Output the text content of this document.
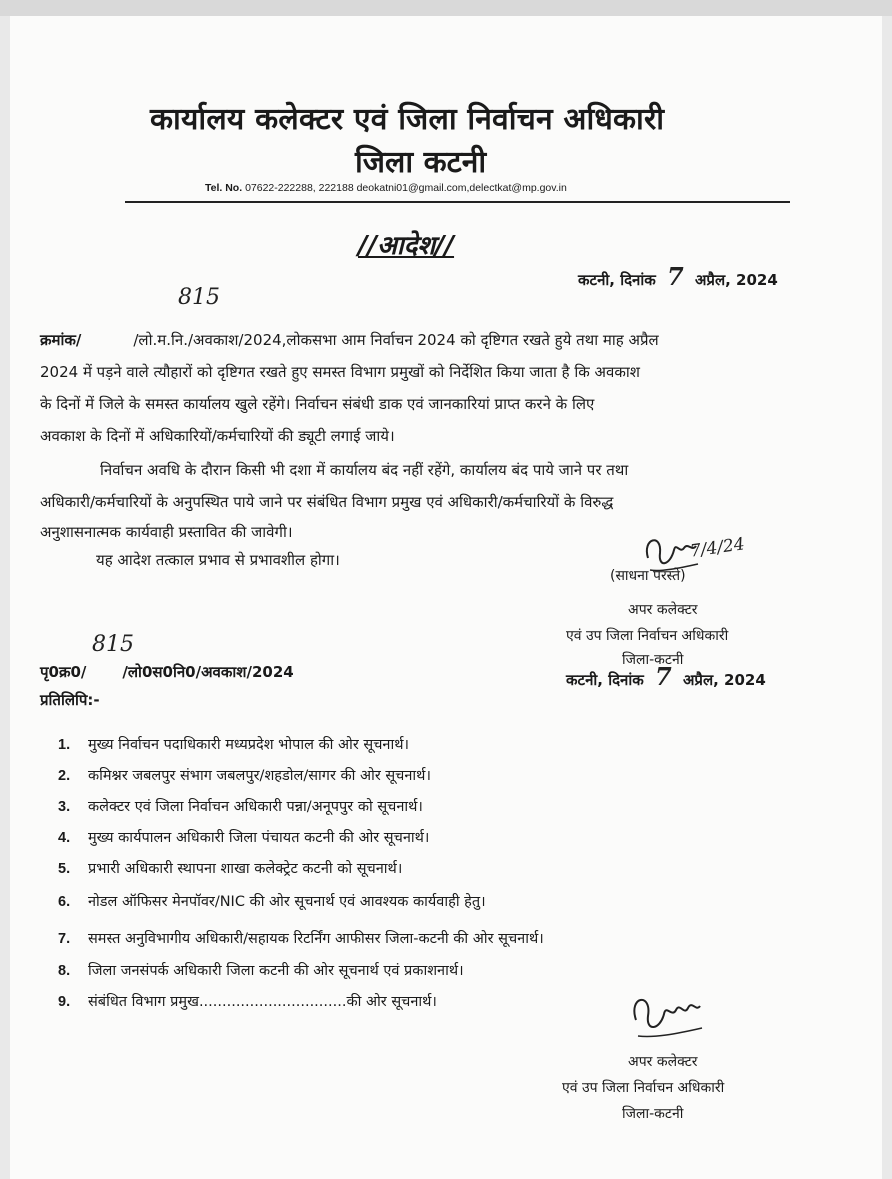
कार्यालय कलेक्टर एवं जिला निर्वाचन अधिकारी
जिला कटनी
Tel. No. 07622-222288, 222188 deokatni01@gmail.com,delectkat@mp.gov.in
//आदेश//
कटनी, दिनांक 7 अप्रैल, 2024
815
क्रमांक/	/लो.म.नि./अवकाश/2024,लोकसभा आम निर्वाचन 2024 को दृष्टिगत रखते हुये तथा माह अप्रैल
2024 में पड़ने वाले त्यौहारों को दृष्टिगत रखते हुए समस्त विभाग प्रमुखों को निर्देशित किया जाता है कि अवकाश
के दिनों में जिले के समस्त कार्यालय खुले रहेंगे। निर्वाचन संबंधी डाक एवं जानकारियां प्राप्त करने के लिए
अवकाश के दिनों में अधिकारियों/कर्मचारियों की ड्यूटी लगाई जाये।
निर्वाचन अवधि के दौरान किसी भी दशा में कार्यालय बंद नहीं रहेंगे, कार्यालय बंद पाये जाने पर तथा
अधिकारी/कर्मचारियों के अनुपस्थित पाये जाने पर संबंधित विभाग प्रमुख एवं अधिकारी/कर्मचारियों के विरुद्ध
अनुशासनात्मक कार्यवाही प्रस्तावित की जावेगी।
यह आदेश तत्काल प्रभाव से प्रभावशील होगा।	7/4/24
(साधना परस्ते)
अपर कलेक्टर
एवं उप जिला निर्वाचन अधिकारी
जिला-कटनी
815
पृ0क्र0/ /लो0स0नि0/अवकाश/2024	कटनी, दिनांक 7 अप्रैल, 2024
प्रतिलिपि:-
1. मुख्य निर्वाचन पदाधिकारी मध्यप्रदेश भोपाल की ओर सूचनार्थ।
2. कमिश्नर जबलपुर संभाग जबलपुर/शहडोल/सागर की ओर सूचनार्थ।
3. कलेक्टर एवं जिला निर्वाचन अधिकारी पन्ना/अनूपपुर को सूचनार्थ।
4. मुख्य कार्यपालन अधिकारी जिला पंचायत कटनी की ओर सूचनार्थ।
5. प्रभारी अधिकारी स्थापना शाखा कलेक्ट्रेट कटनी को सूचनार्थ।
6. नोडल ऑफिसर मेनपॉवर/NIC की ओर सूचनार्थ एवं आवश्यक कार्यवाही हेतु।
7. समस्त अनुविभागीय अधिकारी/सहायक रिटर्निंग आफीसर जिला-कटनी की ओर सूचनार्थ।
8. जिला जनसंपर्क अधिकारी जिला कटनी की ओर सूचनार्थ एवं प्रकाशनार्थ।
9. संबंधित विभाग प्रमुख................................की ओर सूचनार्थ।
अपर कलेक्टर
एवं उप जिला निर्वाचन अधिकारी
जिला-कटनी
